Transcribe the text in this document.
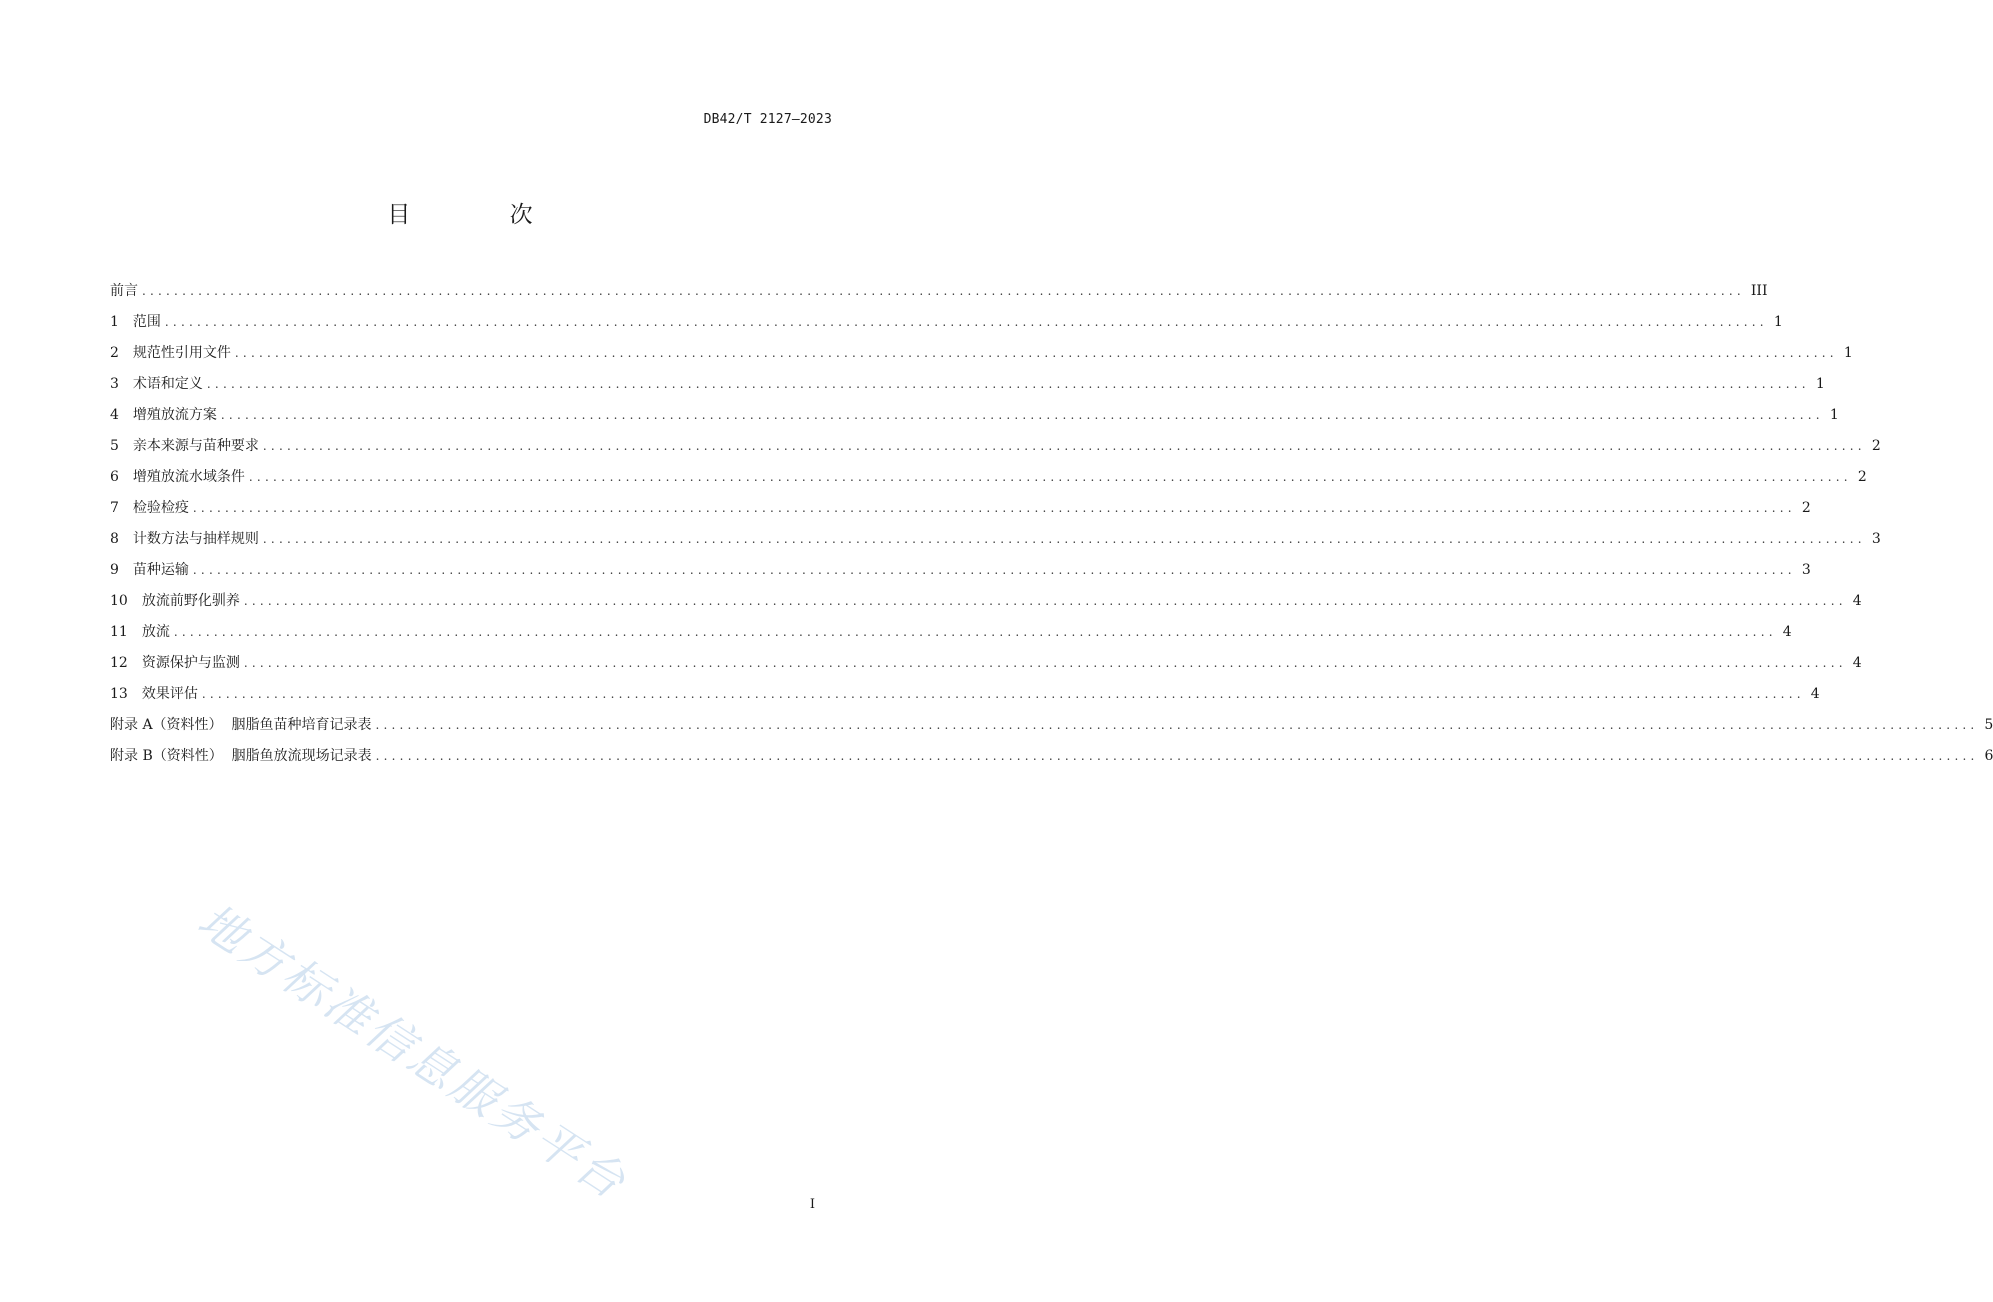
DB42/T 2127—2023
目 次
前言 ........................................................................................................................................................................................................ III
1 范围 ........................................................................................................................................................................................................ 1
2 规范性引用文件 ........................................................................................................................................................................................................ 1
3 术语和定义 ........................................................................................................................................................................................................ 1
4 增殖放流方案 ........................................................................................................................................................................................................ 1
5 亲本来源与苗种要求 ........................................................................................................................................................................................................ 2
6 增殖放流水域条件 ........................................................................................................................................................................................................ 2
7 检验检疫 ........................................................................................................................................................................................................ 2
8 计数方法与抽样规则 ........................................................................................................................................................................................................ 3
9 苗种运输 ........................................................................................................................................................................................................ 3
10 放流前野化驯养 ........................................................................................................................................................................................................ 4
11 放流 ........................................................................................................................................................................................................ 4
12 资源保护与监测 ........................................................................................................................................................................................................ 4
13 效果评估 ........................................................................................................................................................................................................ 4
附录 A（资料性）  胭脂鱼苗种培育记录表 ........................................................................................................................................................................................................ 5
附录 B（资料性）  胭脂鱼放流现场记录表 ........................................................................................................................................................................................................ 6
地方标准信息服务平台	I
